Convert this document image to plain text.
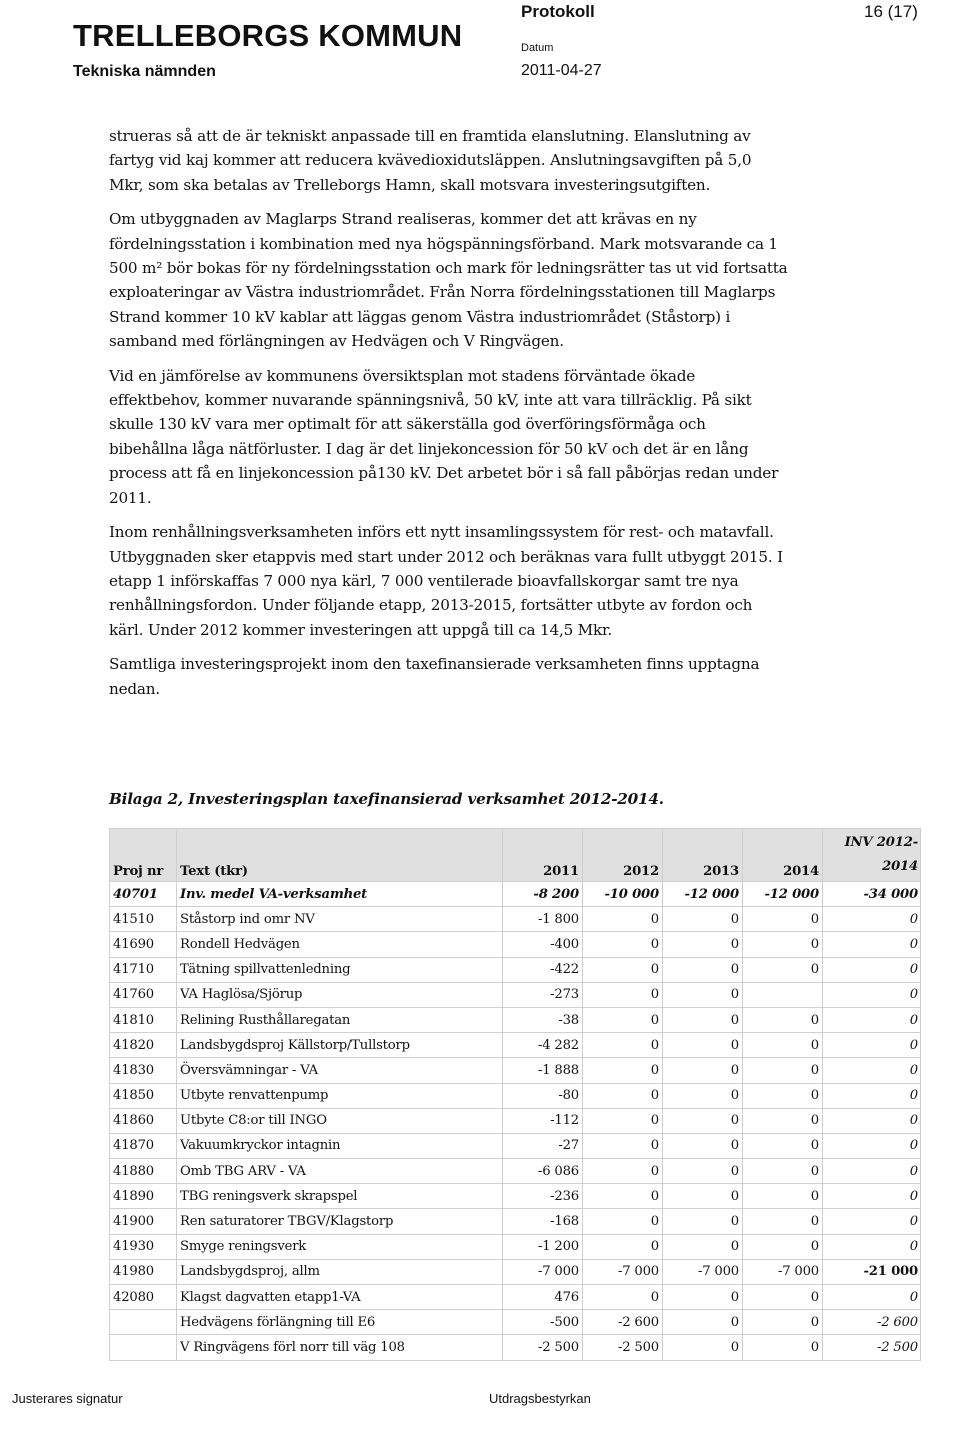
TRELLEBORGS KOMMUN
Tekniska nämnden
Protokoll
Datum
2011-04-27
16 (17)

strueras så att de är tekniskt anpassade till en framtida elanslutning. Elanslutning av fartyg vid kaj kommer att reducera kvävedioxidutsläppen. Anslutningsavgiften på 5,0 Mkr, som ska betalas av Trelleborgs Hamn, skall motsvara investeringsutgiften.

Om utbyggnaden av Maglarps Strand realiseras, kommer det att krävas en ny fördelningsstation i kombination med nya högspänningsförband. Mark motsvarande ca 1 500 m² bör bokas för ny fördelningsstation och mark för ledningsrätter tas ut vid fortsatta exploateringar av Västra industriområdet. Från Norra fördelningsstationen till Maglarps Strand kommer 10 kV kablar att läggas genom Västra industriområdet (Ståstorp) i samband med förlängningen av Hedvägen och V Ringvägen.

Vid en jämförelse av kommunens översiktsplan mot stadens förväntade ökade effektbehov, kommer nuvarande spänningsnivå, 50 kV, inte att vara tillräcklig. På sikt skulle 130 kV vara mer optimalt för att säkerställa god överföringsförmåga och bibehållna låga nätförluster. I dag är det linjekoncession för 50 kV och det är en lång process att få en linjekoncession på130 kV. Det arbetet bör i så fall påbörjas redan under 2011.

Inom renhållningsverksamheten införs ett nytt insamlingssystem för rest- och matavfall. Utbyggnaden sker etappvis med start under 2012 och beräknas vara fullt utbyggt 2015. I etapp 1 införskaffas 7 000 nya kärl, 7 000 ventilerade bioavfallskorgar samt tre nya renhållningsfordon. Under följande etapp, 2013-2015, fortsätter utbyte av fordon och kärl. Under 2012 kommer investeringen att uppgå till ca 14,5 Mkr.

Samtliga investeringsprojekt inom den taxefinansierade verksamheten finns upptagna nedan.

Bilaga 2, Investeringsplan taxefinansierad verksamhet 2012-2014.
Proj nr	Text (tkr)	2011	2012	2013	2014	INV 2012-
2014

40701	Inv. medel VA-verksamhet	-8 200	-10 000	-12 000	-12 000	-34 000
41510	Ståstorp ind omr NV	-1 800	0	0	0	0
41690	Rondell Hedvägen	-400	0	0	0	0
41710	Tätning spillvattenledning	-422	0	0	0	0
41760	VA Haglösa/Sjörup	-273	0	0		0
41810	Relining Rusthållaregatan	-38	0	0	0	0
41820	Landsbygdsproj Källstorp/Tullstorp	-4 282	0	0	0	0
41830	Översvämningar - VA	-1 888	0	0	0	0
41850	Utbyte renvattenpump	-80	0	0	0	0
41860	Utbyte C8:or till INGO	-112	0	0	0	0
41870	Vakuumkryckor intagnin	-27	0	0	0	0
41880	Omb TBG ARV - VA	-6 086	0	0	0	0
41890	TBG reningsverk skrapspel	-236	0	0	0	0
41900	Ren saturatorer TBGV/Klagstorp	-168	0	0	0	0
41930	Smyge reningsverk	-1 200	0	0	0	0
41980	Landsbygdsproj, allm	-7 000	-7 000	-7 000	-7 000	-21 000
42080	Klagst dagvatten etapp1-VA	476	0	0	0	0
	Hedvägens förlängning till E6	-500	-2 600	0	0	-2 600
	V Ringvägens förl norr till väg 108	-2 500	-2 500	0	0	-2 500
Justerares signatur	Utdragsbestyrkan
